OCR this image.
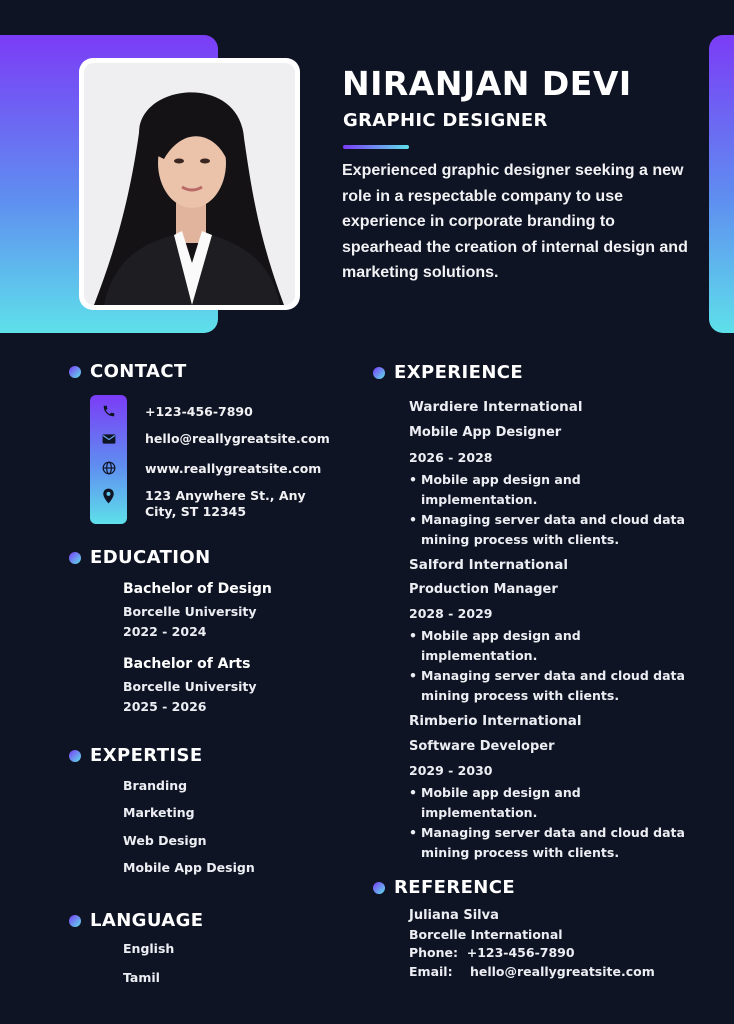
NIRANJAN DEVI
GRAPHIC DESIGNER
Experienced graphic designer seeking a new role in a respectable company to use experience in corporate branding to spearhead the creation of internal design and marketing solutions.
CONTACT
+123-456-7890
hello@reallygreatsite.com
www.reallygreatsite.com
123 Anywhere St., Any City, ST 12345
EDUCATION
Bachelor of Design
Borcelle University
2022 - 2024
Bachelor of Arts
Borcelle University
2025 - 2026
EXPERTISE
Branding
Marketing
Web Design
Mobile App Design
LANGUAGE
English
Tamil
EXPERIENCE
Wardiere International
Mobile App Designer
2026 - 2028
• Mobile app design and implementation.
• Managing server data and cloud data mining process with clients.
Salford International
Production Manager
2028 - 2029
• Mobile app design and implementation.
• Managing server data and cloud data mining process with clients.
Rimberio International
Software Developer
2029 - 2030
• Mobile app design and implementation.
• Managing server data and cloud data mining process with clients.
REFERENCE
Juliana Silva
Borcelle International
Phone:  +123-456-7890
Email:    hello@reallygreatsite.com
